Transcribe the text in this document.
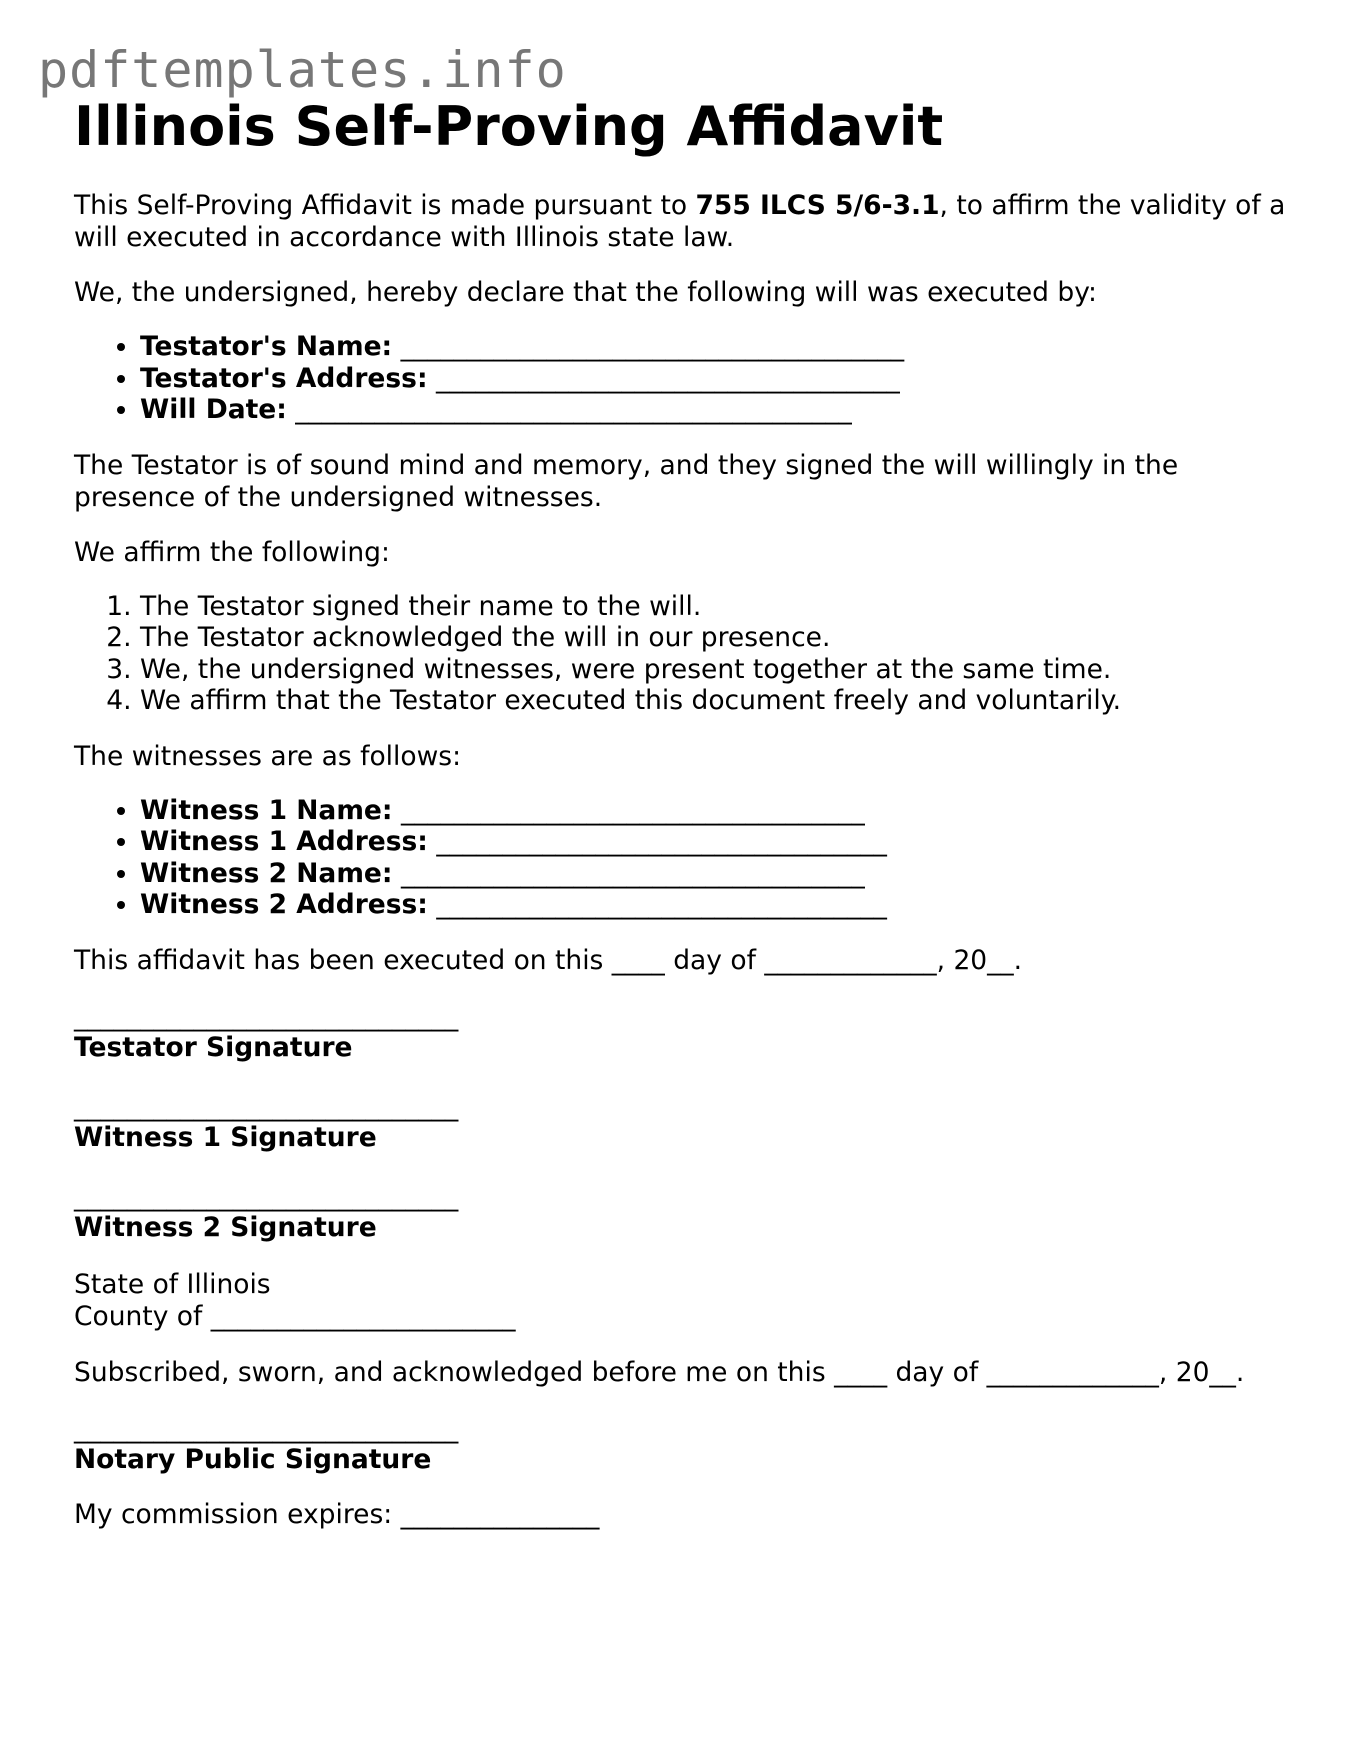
pdftemplates.info
Illinois Self-Proving Affidavit

This Self-Proving Affidavit is made pursuant to 755 ILCS 5/6-3.1, to affirm the validity of a will executed in accordance with Illinois state law.

We, the undersigned, hereby declare that the following will was executed by:

• Testator's Name: ______________________________________
• Testator's Address: ___________________________________
• Will Date: __________________________________________

The Testator is of sound mind and memory, and they signed the will willingly in the presence of the undersigned witnesses.

We affirm the following:

1. The Testator signed their name to the will.
2. The Testator acknowledged the will in our presence.
3. We, the undersigned witnesses, were present together at the same time.
4. We affirm that the Testator executed this document freely and voluntarily.

The witnesses are as follows:

• Witness 1 Name: ___________________________________
• Witness 1 Address: __________________________________
• Witness 2 Name: ___________________________________
• Witness 2 Address: __________________________________

This affidavit has been executed on this ____ day of _____________, 20__.

_____________________________
Testator Signature
_____________________________
Witness 1 Signature
_____________________________
Witness 2 Signature

State of Illinois

County of _______________________

Subscribed, sworn, and acknowledged before me on this ____ day of _____________, 20__.

_____________________________
Notary Public Signature

My commission expires: _______________
